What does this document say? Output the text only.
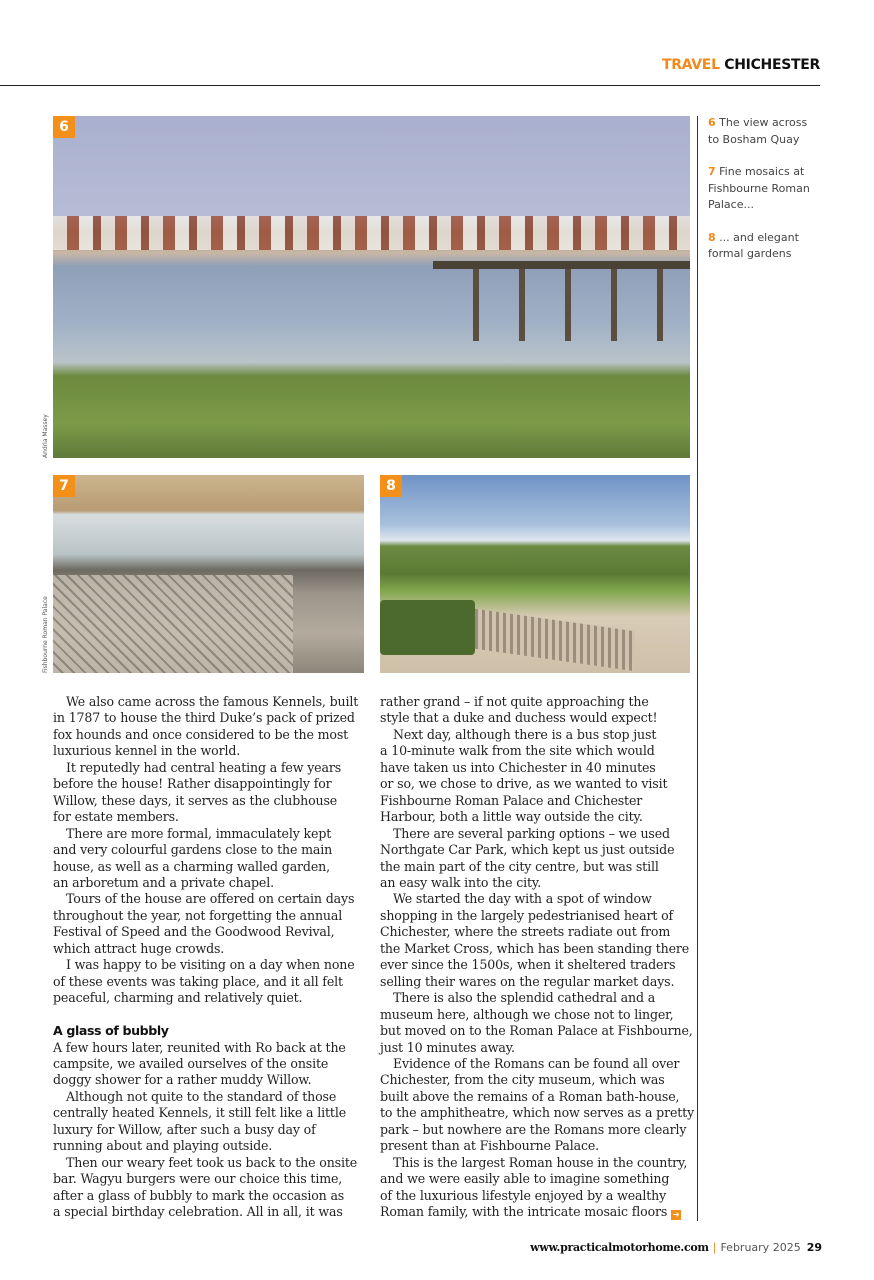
TRAVEL CHICHESTER
6
Andria Massey
7
Fishbourne Roman Palace
8
6 The view across to Bosham Quay
7 Fine mosaics at Fishbourne Roman Palace...
8 ... and elegant formal gardens
We also came across the famous Kennels, built
in 1787 to house the third Duke’s pack of prized
fox hounds and once considered to be the most
luxurious kennel in the world.
It reputedly had central heating a few years
before the house! Rather disappointingly for
Willow, these days, it serves as the clubhouse
for estate members.
There are more formal, immaculately kept
and very colourful gardens close to the main
house, as well as a charming walled garden,
an arboretum and a private chapel.
Tours of the house are offered on certain days
throughout the year, not forgetting the annual
Festival of Speed and the Goodwood Revival,
which attract huge crowds.
I was happy to be visiting on a day when none
of these events was taking place, and it all felt
peaceful, charming and relatively quiet.
A glass of bubbly
A few hours later, reunited with Ro back at the
campsite, we availed ourselves of the onsite
doggy shower for a rather muddy Willow.
Although not quite to the standard of those
centrally heated Kennels, it still felt like a little
luxury for Willow, after such a busy day of
running about and playing outside.
Then our weary feet took us back to the onsite
bar. Wagyu burgers were our choice this time,
after a glass of bubbly to mark the occasion as
a special birthday celebration. All in all, it was
rather grand – if not quite approaching the
style that a duke and duchess would expect!
Next day, although there is a bus stop just
a 10-minute walk from the site which would
have taken us into Chichester in 40 minutes
or so, we chose to drive, as we wanted to visit
Fishbourne Roman Palace and Chichester
Harbour, both a little way outside the city.
There are several parking options – we used
Northgate Car Park, which kept us just outside
the main part of the city centre, but was still
an easy walk into the city.
We started the day with a spot of window
shopping in the largely pedestrianised heart of
Chichester, where the streets radiate out from
the Market Cross, which has been standing there
ever since the 1500s, when it sheltered traders
selling their wares on the regular market days.
There is also the splendid cathedral and a
museum here, although we chose not to linger,
but moved on to the Roman Palace at Fishbourne,
just 10 minutes away.
Evidence of the Romans can be found all over
Chichester, from the city museum, which was
built above the remains of a Roman bath-house,
to the amphitheatre, which now serves as a pretty
park – but nowhere are the Romans more clearly
present than at Fishbourne Palace.
This is the largest Roman house in the country,
and we were easily able to imagine something
of the luxurious lifestyle enjoyed by a wealthy
Roman family, with the intricate mosaic floors ➜
www.practicalmotorhome.com | February 2025 29
